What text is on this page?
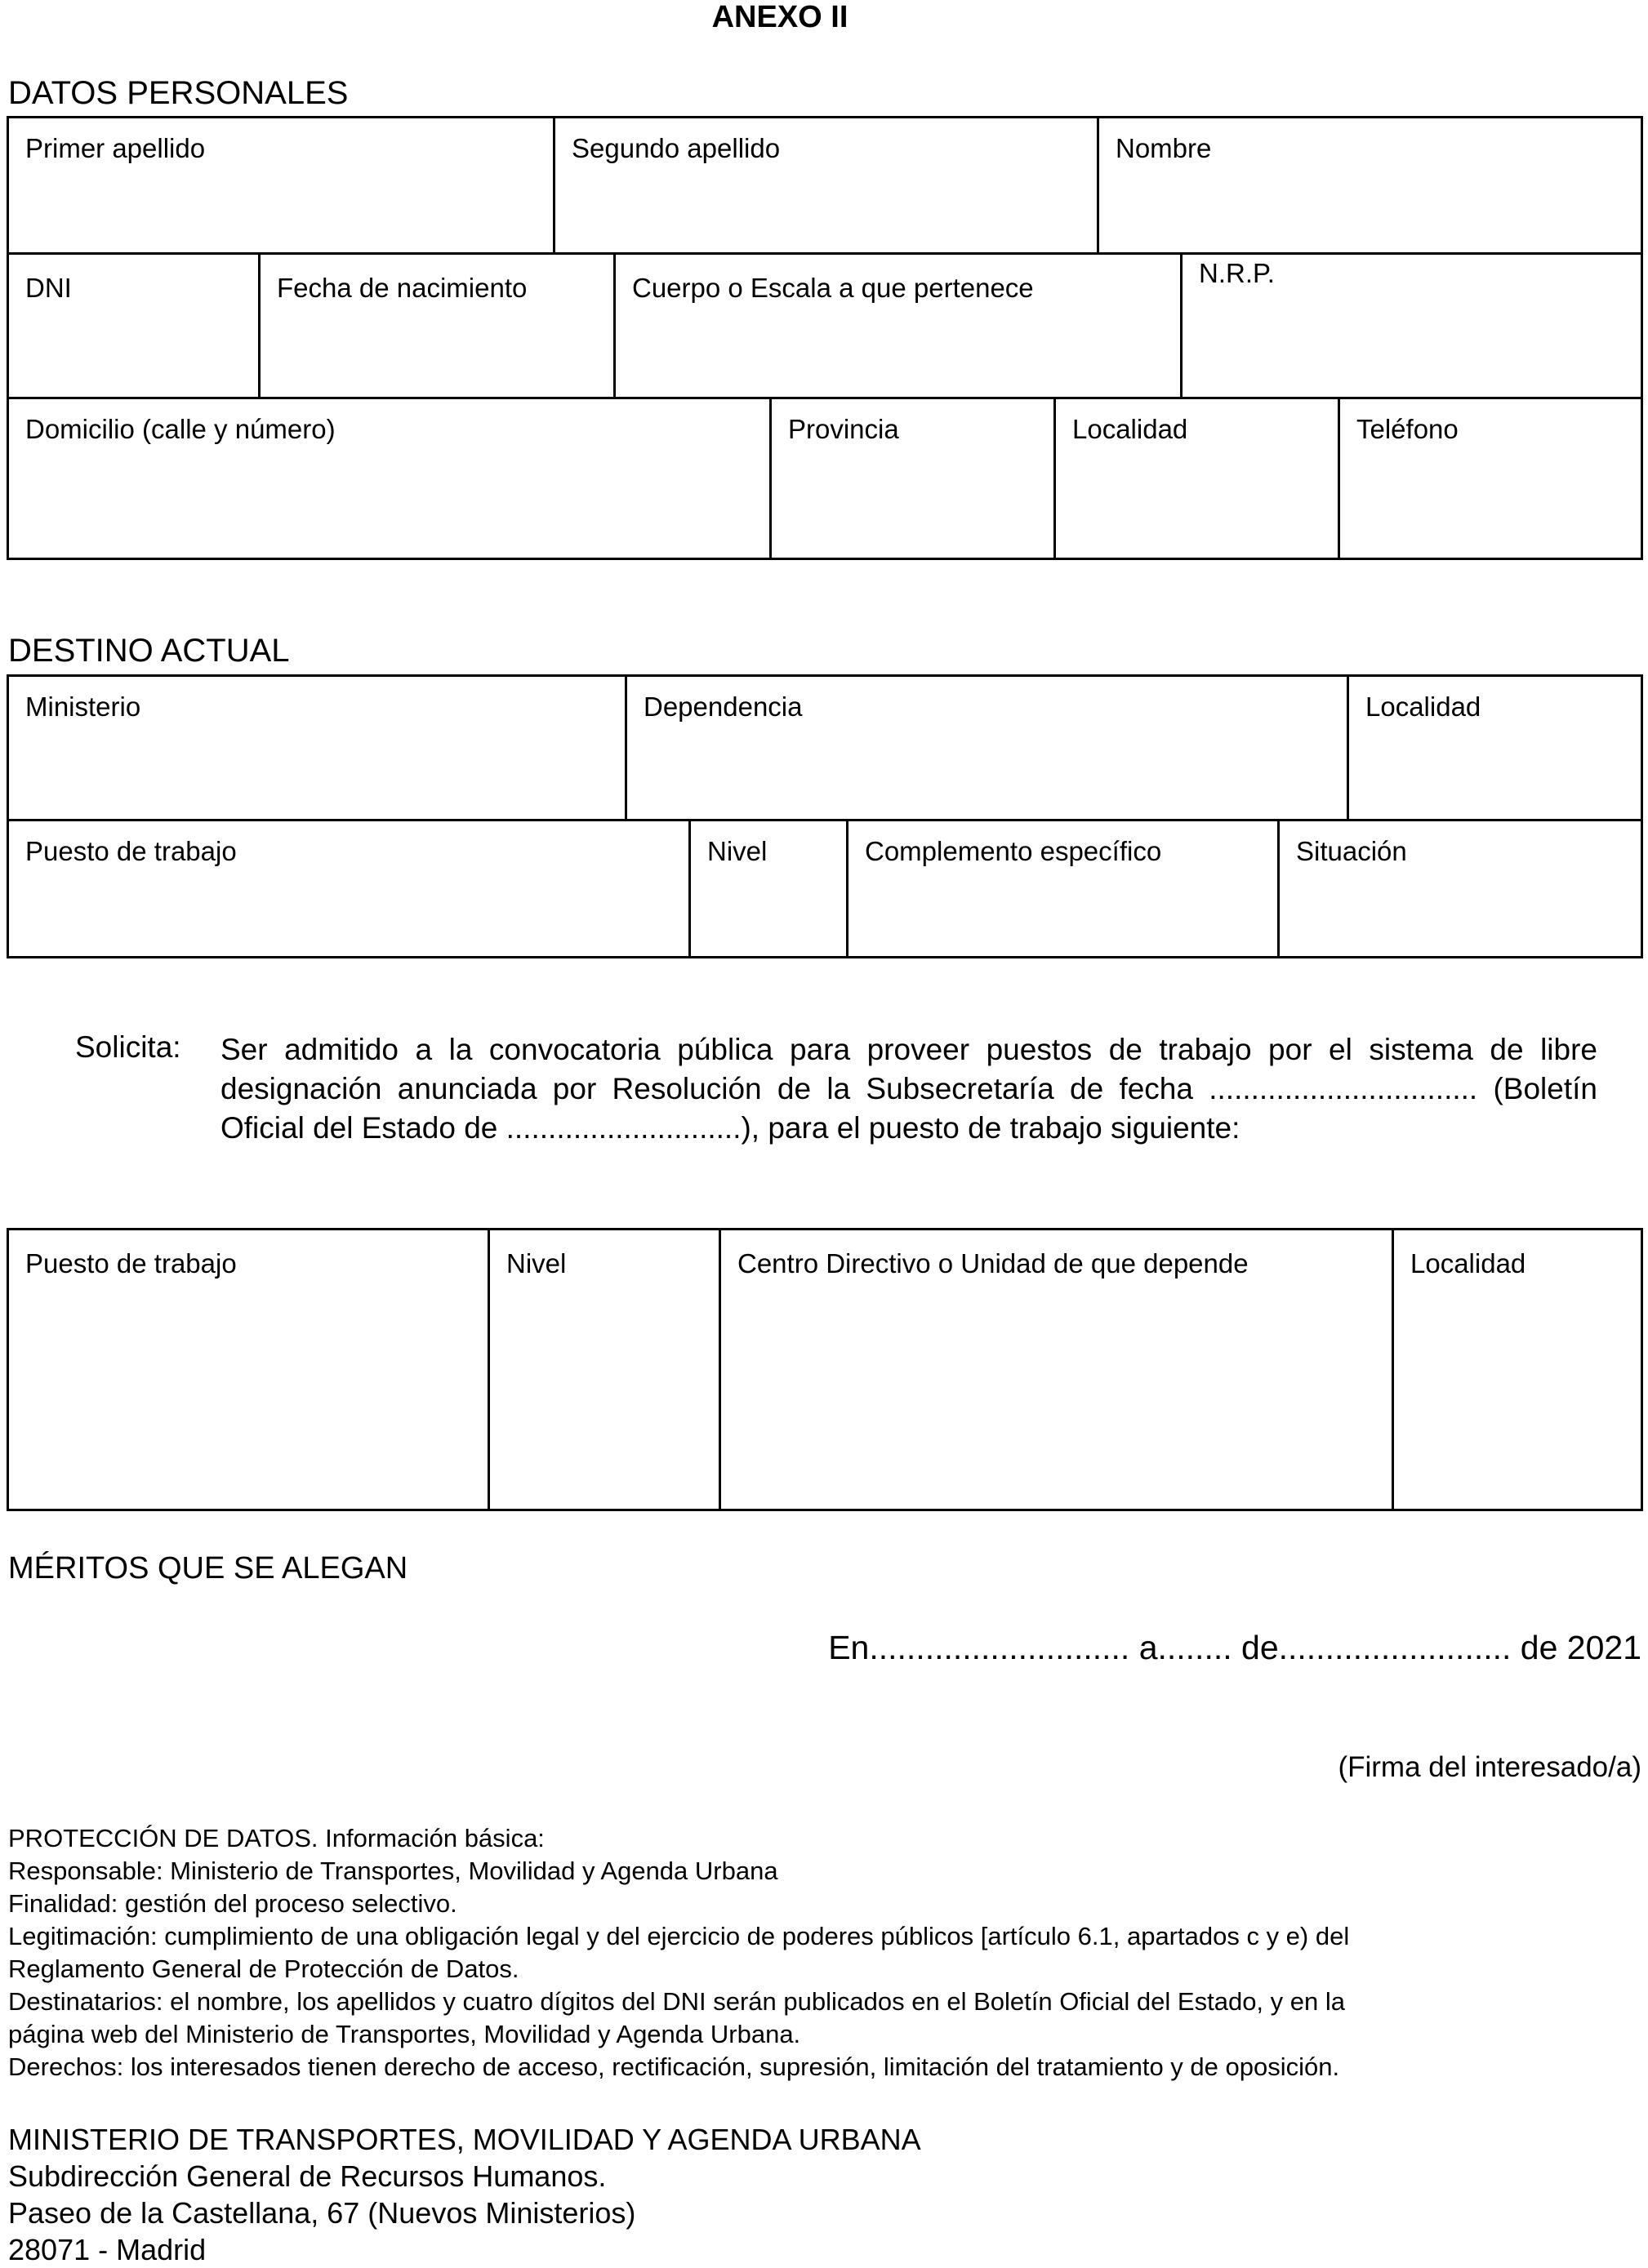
ANEXO II
DATOS PERSONALES
Primer apellido	Segundo apellido	Nombre
DNI	Fecha de nacimiento	Cuerpo o Escala a que pertenece	N.R.P.
Domicilio (calle y número)	Provincia	Localidad	Teléfono
DESTINO ACTUAL
Ministerio	Dependencia	Localidad
Puesto de trabajo	Nivel	Complemento específico	Situación
Solicita: Ser admitido a la convocatoria pública para proveer puestos de trabajo por el sistema de libre designación anunciada por Resolución de la Subsecretaría de fecha ................................ (Boletín Oficial del Estado de ............................), para el puesto de trabajo siguiente:
Puesto de trabajo	Nivel	Centro Directivo o Unidad de que depende	Localidad
MÉRITOS QUE SE ALEGAN
En............................ a........ de......................... de 2021
(Firma del interesado/a)
PROTECCIÓN DE DATOS. Información básica:
Responsable: Ministerio de Transportes, Movilidad y Agenda Urbana
Finalidad: gestión del proceso selectivo.
Legitimación: cumplimiento de una obligación legal y del ejercicio de poderes públicos [artículo 6.1, apartados c y e) del
Reglamento General de Protección de Datos.
Destinatarios: el nombre, los apellidos y cuatro dígitos del DNI serán publicados en el Boletín Oficial del Estado, y en la
página web del Ministerio de Transportes, Movilidad y Agenda Urbana.
Derechos: los interesados tienen derecho de acceso, rectificación, supresión, limitación del tratamiento y de oposición.
MINISTERIO DE TRANSPORTES, MOVILIDAD Y AGENDA URBANA
Subdirección General de Recursos Humanos.
Paseo de la Castellana, 67 (Nuevos Ministerios)
28071 - Madrid
